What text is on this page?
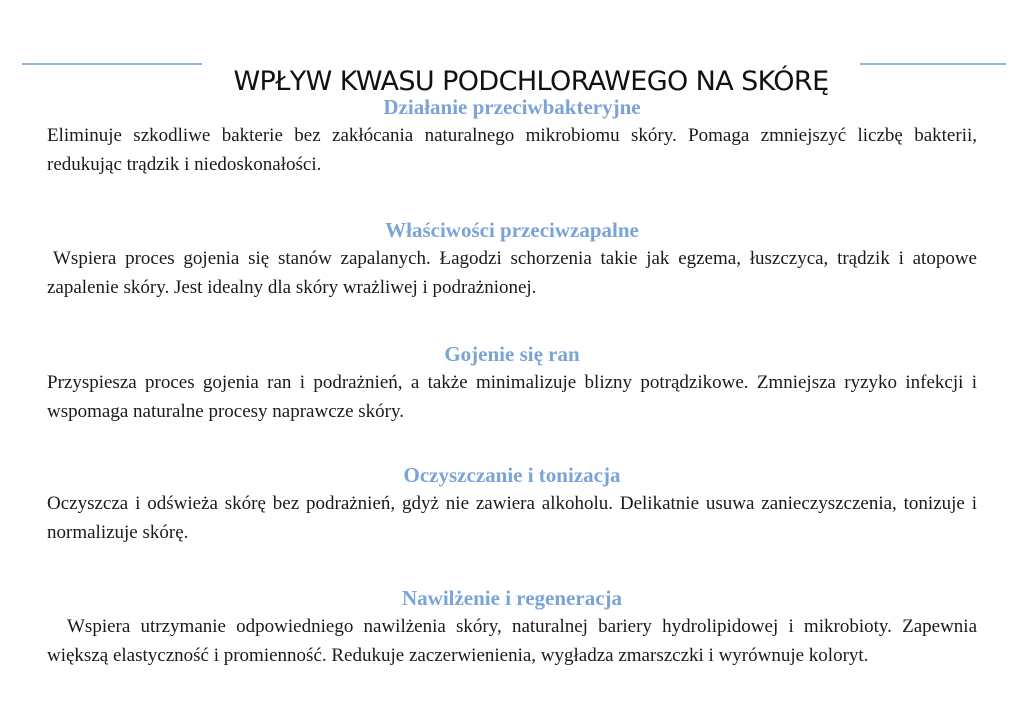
WPŁYW KWASU PODCHLORAWEGO NA SKÓRĘ
Działanie przeciwbakteryjne

Eliminuje szkodliwe bakterie bez zakłócania naturalnego mikrobiomu skóry. Pomaga zmniejszyć liczbę bakterii, redukując trądzik i niedoskonałości.

Właściwości przeciwzapalne

Wspiera proces gojenia się stanów zapalanych. Łagodzi schorzenia takie jak egzema, łuszczyca, trądzik i atopowe zapalenie skóry. Jest idealny dla skóry wrażliwej i podrażnionej.

Gojenie się ran

Przyspiesza proces gojenia ran i podrażnień, a także minimalizuje blizny potrądzikowe. Zmniejsza ryzyko infekcji i wspomaga naturalne procesy naprawcze skóry.

Oczyszczanie i tonizacja

Oczyszcza i odświeża skórę bez podrażnień, gdyż nie zawiera alkoholu. Delikatnie usuwa zanieczyszczenia, tonizuje i normalizuje skórę.

Nawilżenie i regeneracja

Wspiera utrzymanie odpowiedniego nawilżenia skóry, naturalnej bariery hydrolipidowej i mikrobioty. Zapewnia większą elastyczność i promienność. Redukuje zaczerwienienia, wygładza zmarszczki i wyrównuje koloryt.
